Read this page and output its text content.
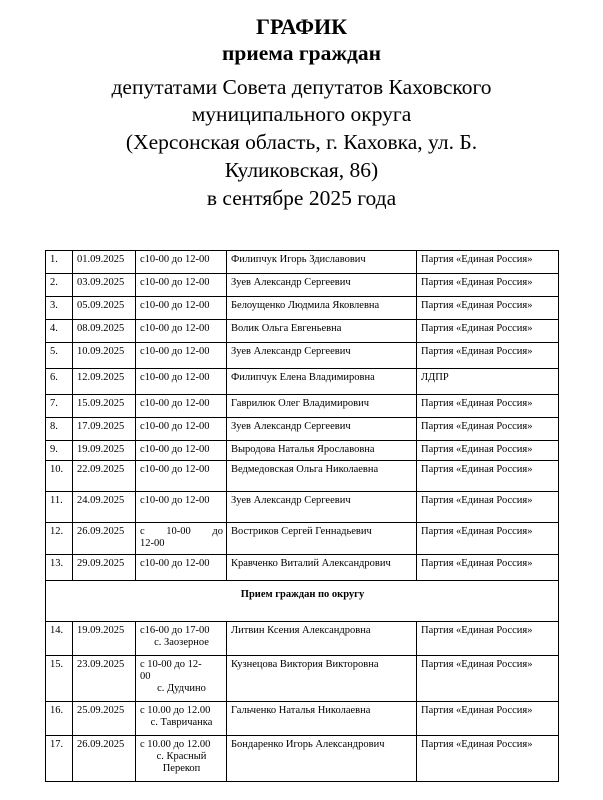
ГРАФИК
приема граждан
депутатами Совета депутатов Каховского
муниципального округа
(Херсонская область, г. Каховка, ул. Б.
Куликовская, 86)
в сентябре 2025 года
1.	01.09.2025	с10-00 до 12-00	Филипчук Игорь Здиславович	Партия «Единая Россия»
2.	03.09.2025	с10-00 до 12-00	Зуев Александр Сергеевич	Партия «Единая Россия»
3.	05.09.2025	с10-00 до 12-00	Белоущенко Людмила Яковлевна	Партия «Единая Россия»
4.	08.09.2025	с10-00 до 12-00	Волик Ольга Евгеньевна	Партия «Единая Россия»
5.	10.09.2025	с10-00 до 12-00	Зуев Александр Сергеевич	Партия «Единая Россия»
6.	12.09.2025	с10-00 до 12-00	Филипчук Елена Владимировна	ЛДПР
7.	15.09.2025	с10-00 до 12-00	Гаврилюк Олег Владимирович	Партия «Единая Россия»
8.	17.09.2025	с10-00 до 12-00	Зуев Александр Сергеевич	Партия «Единая Россия»
9.	19.09.2025	с10-00 до 12-00	Выродова Наталья Ярославовна	Партия «Единая Россия»
10.	22.09.2025	с10-00 до 12-00	Ведмедовская Ольга Николаевна	Партия «Единая Россия»
11.	24.09.2025	с10-00 до 12-00	Зуев Александр Сергеевич	Партия «Единая Россия»
12.	26.09.2025	с 10-00 до
12-00	Востриков Сергей Геннадьевич	Партия «Единая Россия»
13.	29.09.2025	с10-00 до 12-00	Кравченко Виталий Александрович	Партия «Единая Россия»
Прием граждан по округу				
14.	19.09.2025	с16-00 до 17-00
с. Заозерное	Литвин Ксения Александровна	Партия «Единая Россия»
15.	23.09.2025	с 10-00 до 12-
00
с. Дудчино	Кузнецова Виктория Викторовна	Партия «Единая Россия»
16.	25.09.2025	с 10.00 до 12.00
с. Тавричанка	Гальченко Наталья Николаевна	Партия «Единая Россия»
17.	26.09.2025	с 10.00 до 12.00
с. Красный
Перекоп	Бондаренко Игорь Александрович	Партия «Единая Россия»
